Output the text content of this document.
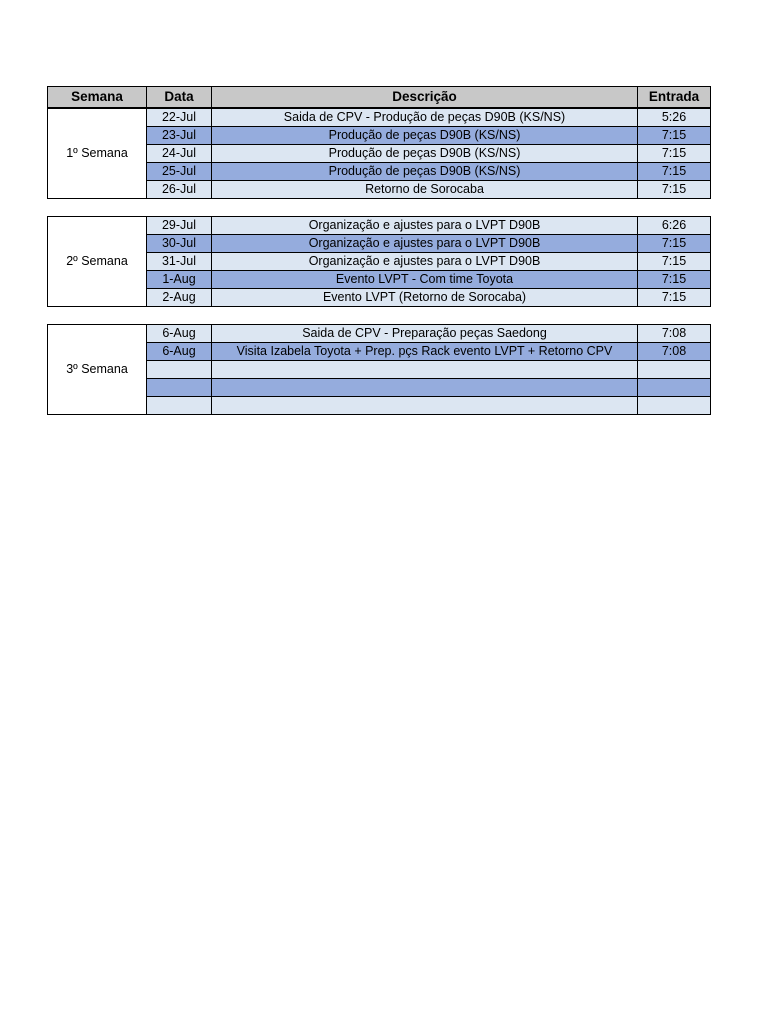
Semana	Data	Descrição	Entrada
1º Semana	22-Jul	Saida de CPV - Produção de peças D90B (KS/NS)	5:26
	23-Jul	Produção de peças D90B (KS/NS)	7:15
	24-Jul	Produção de peças D90B (KS/NS)	7:15
	25-Jul	Produção de peças D90B (KS/NS)	7:15
	26-Jul	Retorno de Sorocaba	7:15
2º Semana	29-Jul	Organização e ajustes para o LVPT D90B	6:26
	30-Jul	Organização e ajustes para o LVPT D90B	7:15
	31-Jul	Organização e ajustes para o LVPT D90B	7:15
	1-Aug	Evento LVPT - Com time Toyota	7:15
	2-Aug	Evento LVPT (Retorno de Sorocaba)	7:15
3º Semana	6-Aug	Saida de CPV - Preparação peças Saedong	7:08
	6-Aug	Visita Izabela Toyota + Prep. pçs Rack evento LVPT + Retorno CPV	7:08
